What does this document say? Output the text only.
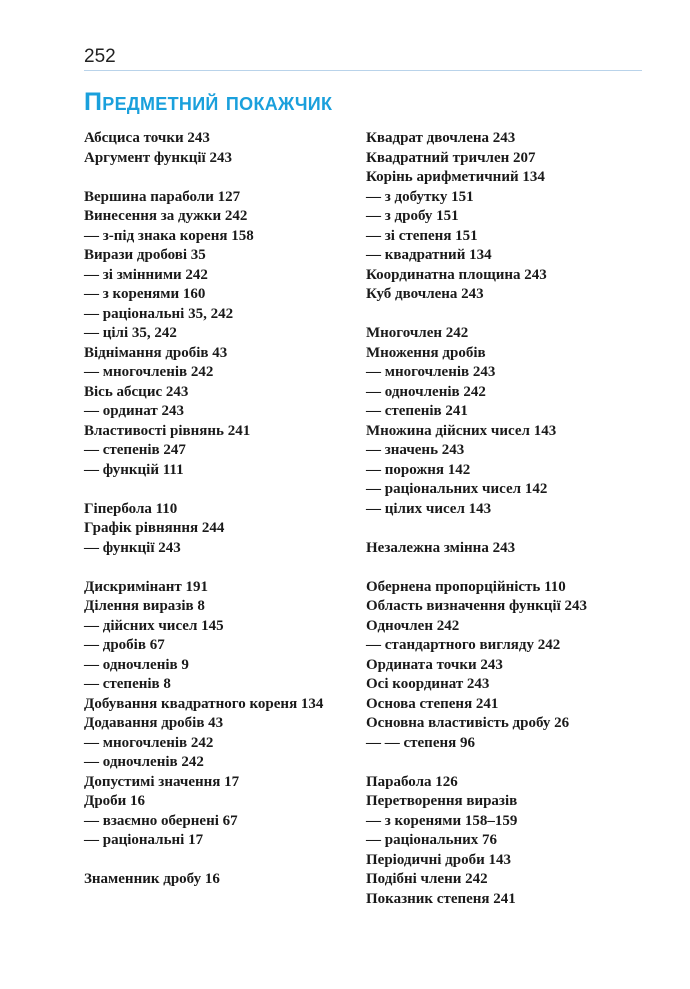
252
Предметний покажчик
Абсциса точки 243
Аргумент функції 243
Вершина параболи 127
Винесення за дужки 242
— з-під знака кореня 158
Вирази дробові 35
— зі змінними 242
— з коренями 160
— раціональні 35, 242
— цілі 35, 242
Віднімання дробів 43
— многочленів 242
Вісь абсцис 243
— ординат 243
Властивості рівнянь 241
— степенів 247
— функцій 111
Гіпербола 110
Графік рівняння 244
— функції 243
Дискримінант 191
Ділення виразів 8
— дійсних чисел 145
— дробів 67
— одночленів 9
— степенів 8
Добування квадратного кореня 134
Додавання дробів 43
— многочленів 242
— одночленів 242
Допустимі значення 17
Дроби 16
— взаємно обернені 67
— раціональні 17
Знаменник дробу 16
Квадрат двочлена 243
Квадратний тричлен 207
Корінь арифметичний 134
— з добутку 151
— з дробу 151
— зі степеня 151
— квадратний 134
Координатна площина 243
Куб двочлена 243
Многочлен 242
Множення дробів
— многочленів 243
— одночленів 242
— степенів 241
Множина дійсних чисел 143
— значень 243
— порожня 142
— раціональних чисел 142
— цілих чисел 143
Незалежна змінна 243
Обернена пропорційність 110
Область визначення функції 243
Одночлен 242
— стандартного вигляду 242
Ордината точки 243
Осі координат 243
Основа степеня 241
Основна властивість дробу 26
— — степеня 96
Парабола 126
Перетворення виразів
— з коренями 158–159
— раціональних 76
Періодичні дроби 143
Подібні члени 242
Показник степеня 241
